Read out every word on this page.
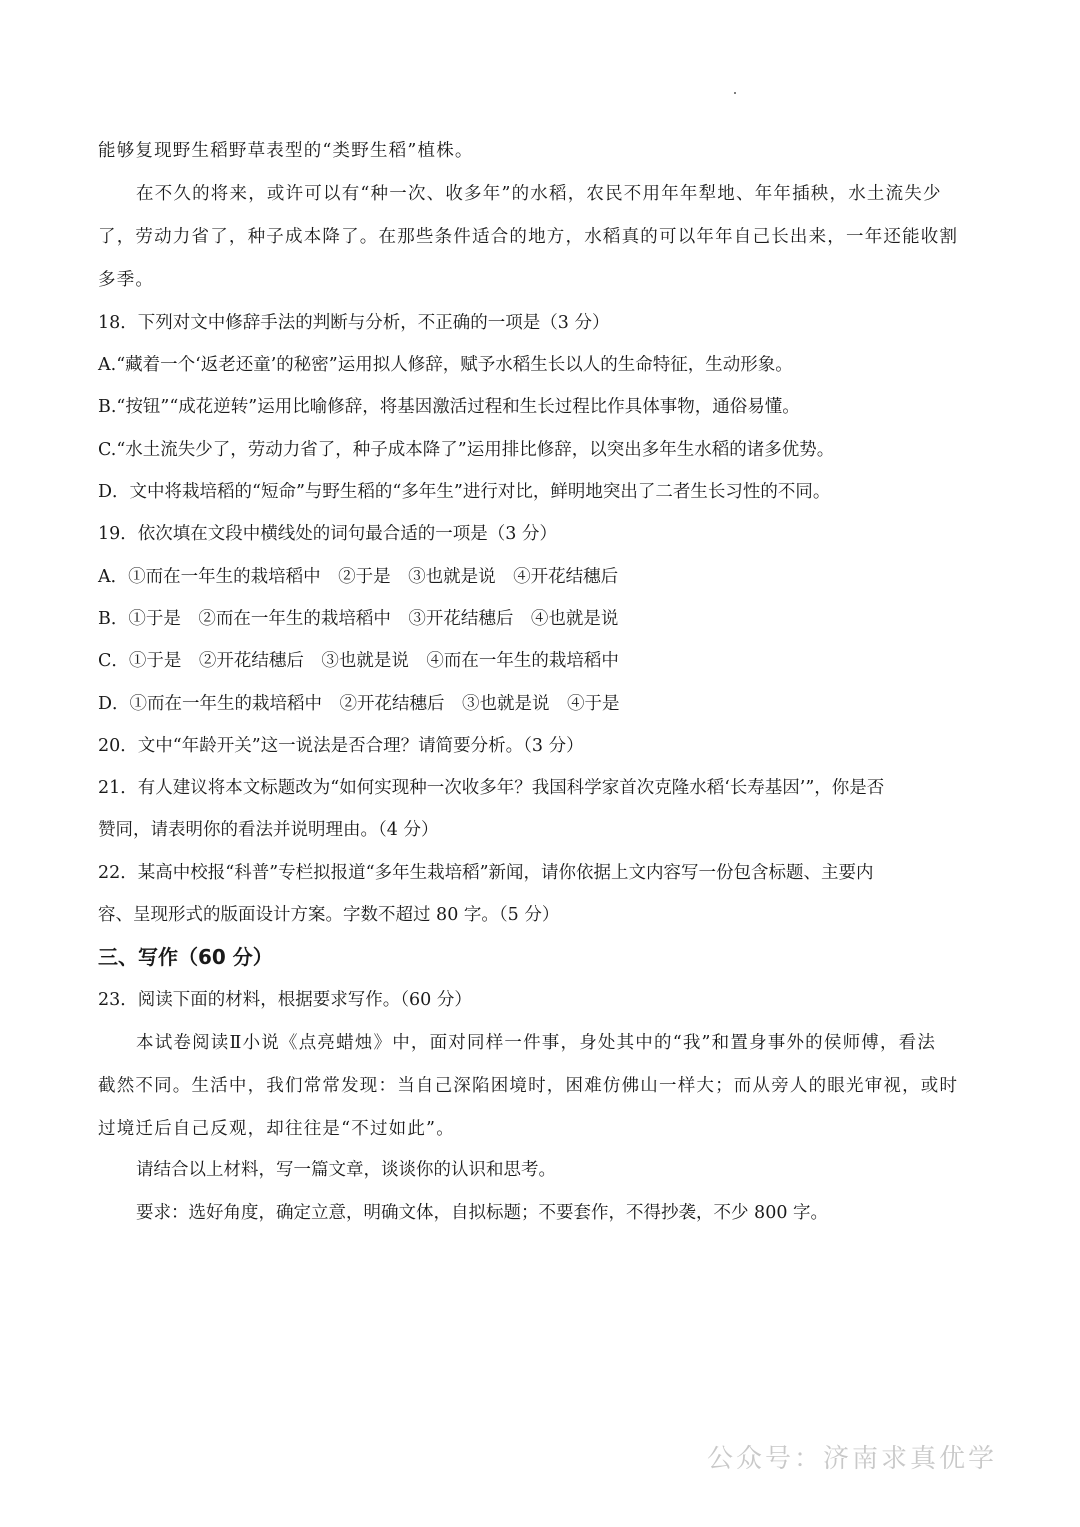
能够复现野生稻野草表型的“类野生稻”植株。
在不久的将来，或许可以有“种一次、收多年”的水稻，农民不用年年犁地、年年插秧，水土流失少
了，劳动力省了，种子成本降了。在那些条件适合的地方，水稻真的可以年年自己长出来，一年还能收割
多季。
18．下列对文中修辞手法的判断与分析，不正确的一项是（3 分）
A.“藏着一个‘返老还童’的秘密”运用拟人修辞，赋予水稻生长以人的生命特征，生动形象。
B.“按钮”“成花逆转”运用比喻修辞，将基因激活过程和生长过程比作具体事物，通俗易懂。
C.“水土流失少了，劳动力省了，种子成本降了”运用排比修辞，以突出多年生水稻的诸多优势。
D．文中将栽培稻的“短命”与野生稻的“多年生”进行对比，鲜明地突出了二者生长习性的不同。
19．依次填在文段中横线处的词句最合适的一项是（3 分）
A．①而在一年生的栽培稻中　②于是　③也就是说　④开花结穗后
B．①于是　②而在一年生的栽培稻中　③开花结穗后　④也就是说
C．①于是　②开花结穗后　③也就是说　④而在一年生的栽培稻中
D．①而在一年生的栽培稻中　②开花结穗后　③也就是说　④于是
20．文中“年龄开关”这一说法是否合理？请简要分析。（3 分）
21．有人建议将本文标题改为“如何实现种一次收多年？我国科学家首次克隆水稻‘长寿基因’”，你是否
赞同，请表明你的看法并说明理由。（4 分）
22．某高中校报“科普”专栏拟报道“多年生栽培稻”新闻，请你依据上文内容写一份包含标题、主要内
容、呈现形式的版面设计方案。字数不超过 80 字。（5 分）
三、写作（60 分）
23．阅读下面的材料，根据要求写作。（60 分）
本试卷阅读Ⅱ小说《点亮蜡烛》中，面对同样一件事，身处其中的“我”和置身事外的侯师傅，看法
截然不同。生活中，我们常常发现：当自己深陷困境时，困难仿佛山一样大；而从旁人的眼光审视，或时
过境迁后自己反观，却往往是“不过如此”。
请结合以上材料，写一篇文章，谈谈你的认识和思考。
要求：选好角度，确定立意，明确文体，自拟标题；不要套作，不得抄袭，不少 800 字。
公众号：济南求真优学
